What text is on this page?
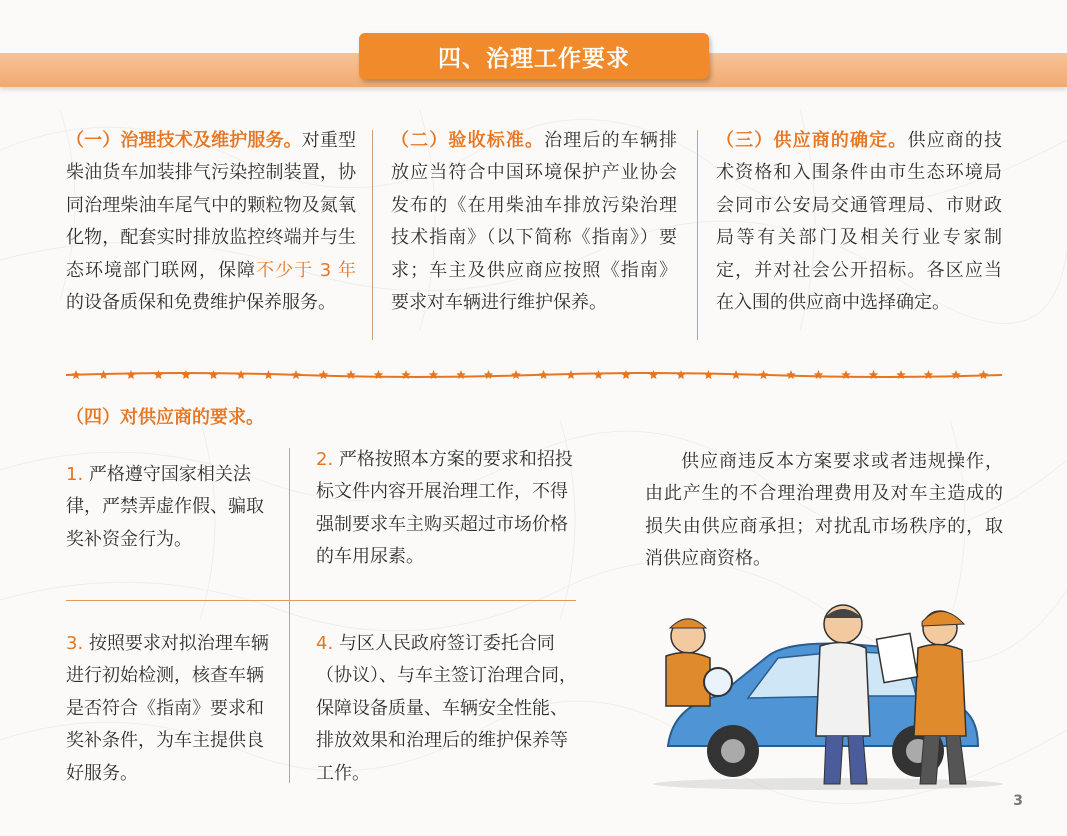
四、治理工作要求

（一）治理技术及维护服务。对重型柴油货车加装排气污染控制装置，协同治理柴油车尾气中的颗粒物及氮氧化物，配套实时排放监控终端并与生态环境部门联网，保障不少于 3 年的设备质保和免费维护保养服务。

（二）验收标准。治理后的车辆排放应当符合中国环境保护产业协会发布的《在用柴油车排放污染治理技术指南》（以下简称《指南》）要求；车主及供应商应按照《指南》要求对车辆进行维护保养。

（三）供应商的确定。供应商的技术资格和入围条件由市生态环境局会同市公安局交通管理局、市财政局等有关部门及相关行业专家制定，并对社会公开招标。各区应当在入围的供应商中选择确定。

（四）对供应商的要求。

1. 严格遵守国家相关法律，严禁弄虚作假、骗取奖补资金行为。

2. 严格按照本方案的要求和招投标文件内容开展治理工作，不得强制要求车主购买超过市场价格的车用尿素。

3. 按照要求对拟治理车辆进行初始检测，核查车辆是否符合《指南》要求和奖补条件，为车主提供良好服务。

4. 与区人民政府签订委托合同（协议）、与车主签订治理合同，保障设备质量、车辆安全性能、排放效果和治理后的维护保养等工作。

供应商违反本方案要求或者违规操作，由此产生的不合理治理费用及对车主造成的损失由供应商承担；对扰乱市场秩序的，取消供应商资格。

3
